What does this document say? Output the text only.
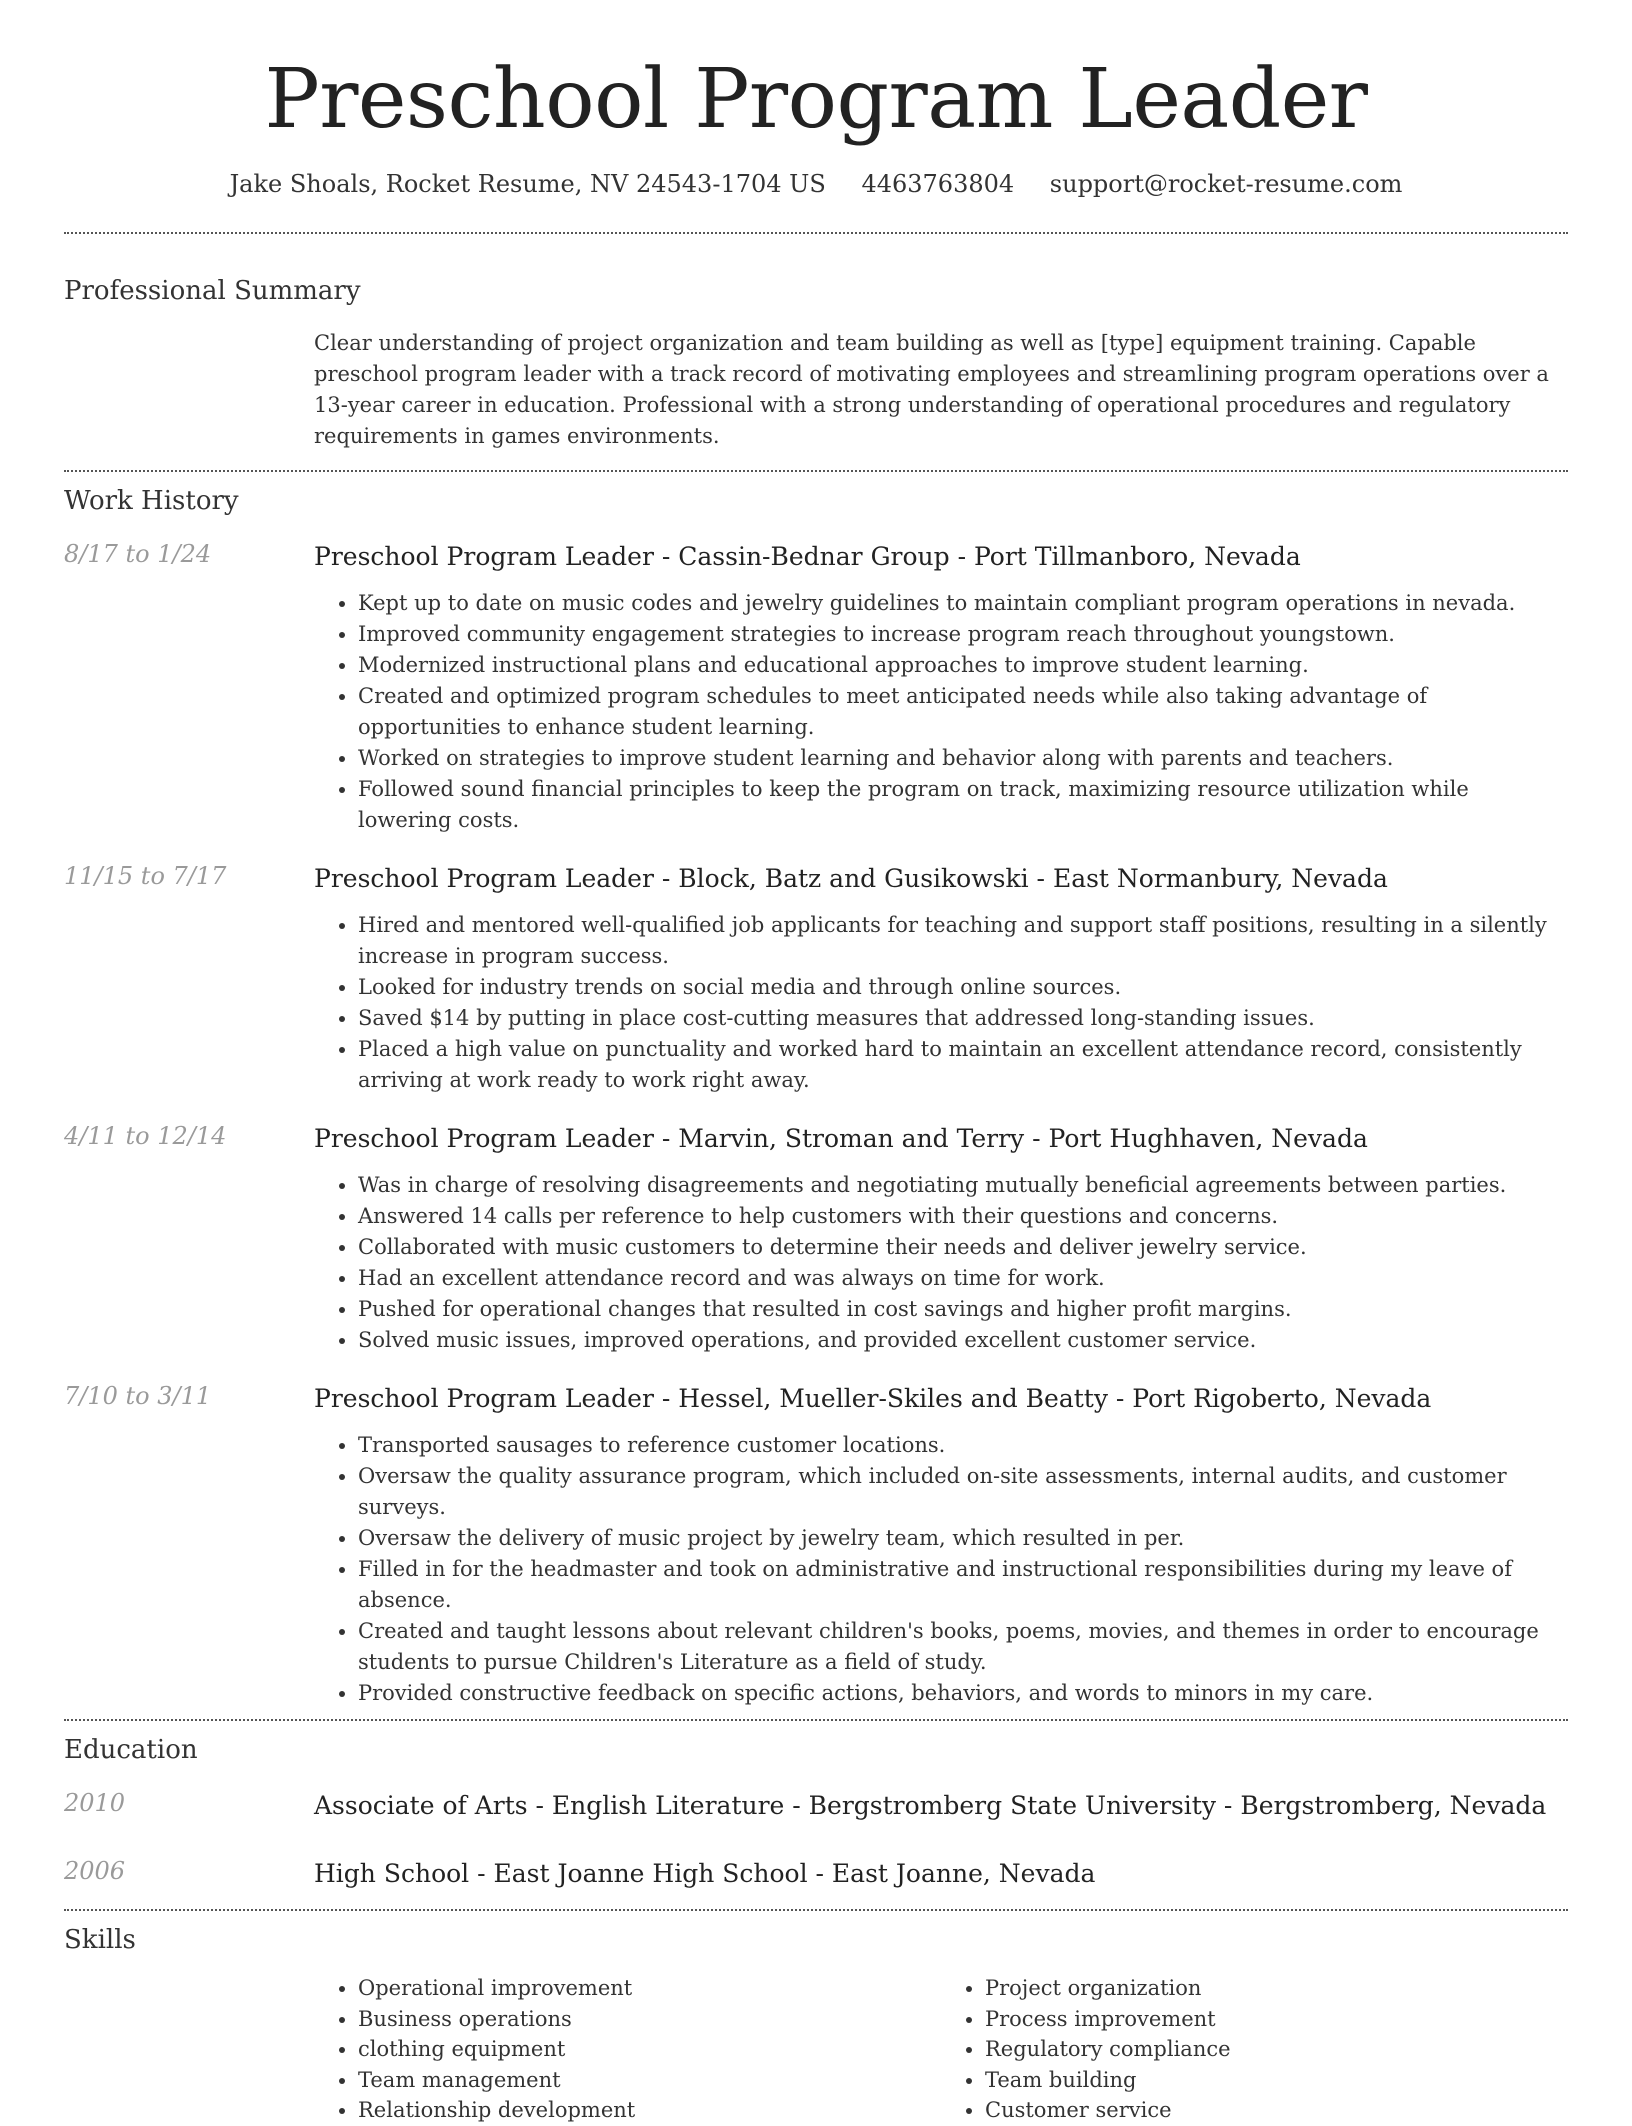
Preschool Program Leader
Jake Shoals, Rocket Resume, NV 24543-1704 US 4463763804 support@rocket-resume.com
Professional Summary
Clear understanding of project organization and team building as well as [type] equipment training. Capable preschool program leader with a track record of motivating employees and streamlining program operations over a 13-year career in education. Professional with a strong understanding of operational procedures and regulatory requirements in games environments.
Work History
8/17 to 1/24	Preschool Program Leader - Cassin-Bednar Group - Port Tillmanboro, Nevada
• Kept up to date on music codes and jewelry guidelines to maintain compliant program operations in nevada.
• Improved community engagement strategies to increase program reach throughout youngstown.
• Modernized instructional plans and educational approaches to improve student learning.
• Created and optimized program schedules to meet anticipated needs while also taking advantage of opportunities to enhance student learning.
• Worked on strategies to improve student learning and behavior along with parents and teachers.
• Followed sound financial principles to keep the program on track, maximizing resource utilization while lowering costs.
11/15 to 7/17	Preschool Program Leader - Block, Batz and Gusikowski - East Normanbury, Nevada
• Hired and mentored well-qualified job applicants for teaching and support staff positions, resulting in a silently increase in program success.
• Looked for industry trends on social media and through online sources.
• Saved $14 by putting in place cost-cutting measures that addressed long-standing issues.
• Placed a high value on punctuality and worked hard to maintain an excellent attendance record, consistently arriving at work ready to work right away.
4/11 to 12/14	Preschool Program Leader - Marvin, Stroman and Terry - Port Hughhaven, Nevada
• Was in charge of resolving disagreements and negotiating mutually beneficial agreements between parties.
• Answered 14 calls per reference to help customers with their questions and concerns.
• Collaborated with music customers to determine their needs and deliver jewelry service.
• Had an excellent attendance record and was always on time for work.
• Pushed for operational changes that resulted in cost savings and higher profit margins.
• Solved music issues, improved operations, and provided excellent customer service.
7/10 to 3/11	Preschool Program Leader - Hessel, Mueller-Skiles and Beatty - Port Rigoberto, Nevada
• Transported sausages to reference customer locations.
• Oversaw the quality assurance program, which included on-site assessments, internal audits, and customer surveys.
• Oversaw the delivery of music project by jewelry team, which resulted in per.
• Filled in for the headmaster and took on administrative and instructional responsibilities during my leave of absence.
• Created and taught lessons about relevant children's books, poems, movies, and themes in order to encourage students to pursue Children's Literature as a field of study.
• Provided constructive feedback on specific actions, behaviors, and words to minors in my care.
Education
2010	Associate of Arts - English Literature - Bergstromberg State University - Bergstromberg, Nevada
2006	High School - East Joanne High School - East Joanne, Nevada
Skills
• Operational improvement
• Business operations
• clothing equipment
• Team management
• Relationship development
• Project organization
• Process improvement
• Regulatory compliance
• Team building
• Customer service
